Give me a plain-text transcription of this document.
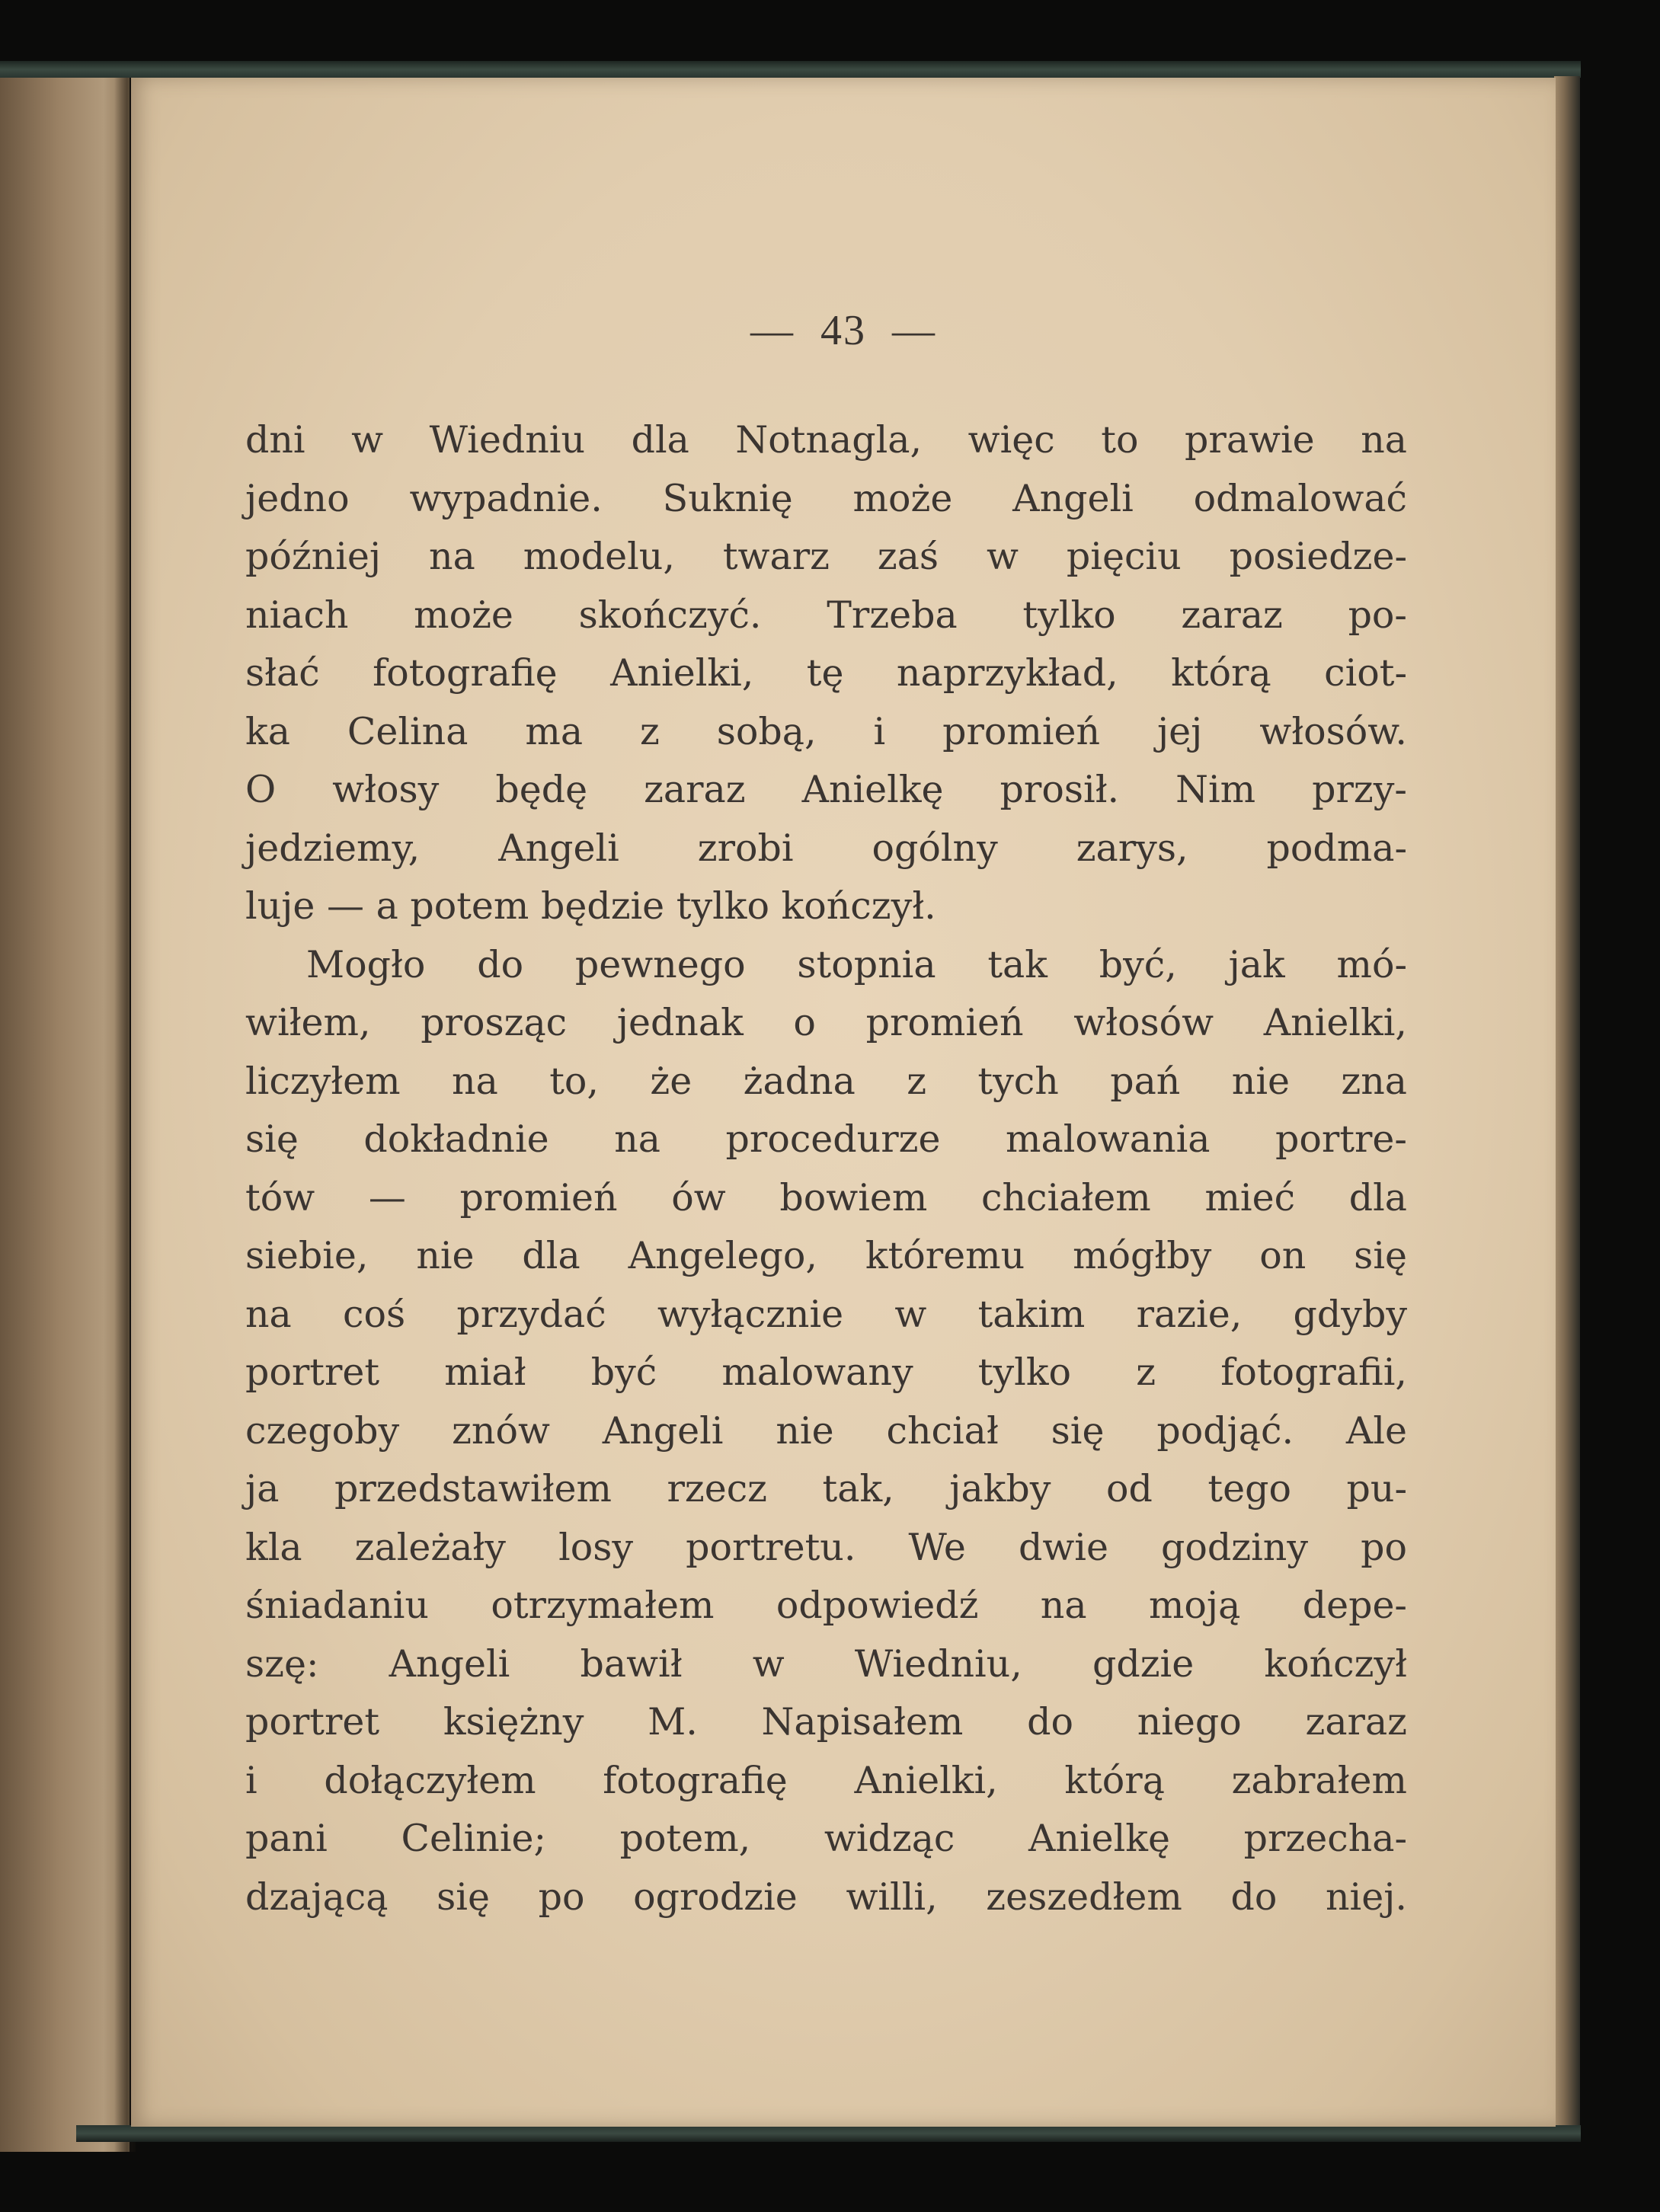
— 43 —
dni w Wiedniu dla Notnagla, więc to prawie na
jedno wypadnie. Suknię może Angeli odmalować
później na modelu, twarz zaś w pięciu posiedze-
niach może skończyć. Trzeba tylko zaraz po-
słać fotografię Anielki, tę naprzykład, którą ciot-
ka Celina ma z sobą, i promień jej włosów.
O włosy będę zaraz Anielkę prosił. Nim przy-
jedziemy, Angeli zrobi ogólny zarys, podma-
luje — a potem będzie tylko kończył.
Mogło do pewnego stopnia tak być, jak mó-
wiłem, prosząc jednak o promień włosów Anielki,
liczyłem na to, że żadna z tych pań nie zna
się dokładnie na procedurze malowania portre-
tów — promień ów bowiem chciałem mieć dla
siebie, nie dla Angelego, któremu mógłby on się
na coś przydać wyłącznie w takim razie, gdyby
portret miał być malowany tylko z fotografii,
czegoby znów Angeli nie chciał się podjąć. Ale
ja przedstawiłem rzecz tak, jakby od tego pu-
kla zależały losy portretu. We dwie godziny po
śniadaniu otrzymałem odpowiedź na moją depe-
szę: Angeli bawił w Wiedniu, gdzie kończył
portret księżny M. Napisałem do niego zaraz
i dołączyłem fotografię Anielki, którą zabrałem
pani Celinie; potem, widząc Anielkę przecha-
dzającą się po ogrodzie willi, zeszedłem do niej.
